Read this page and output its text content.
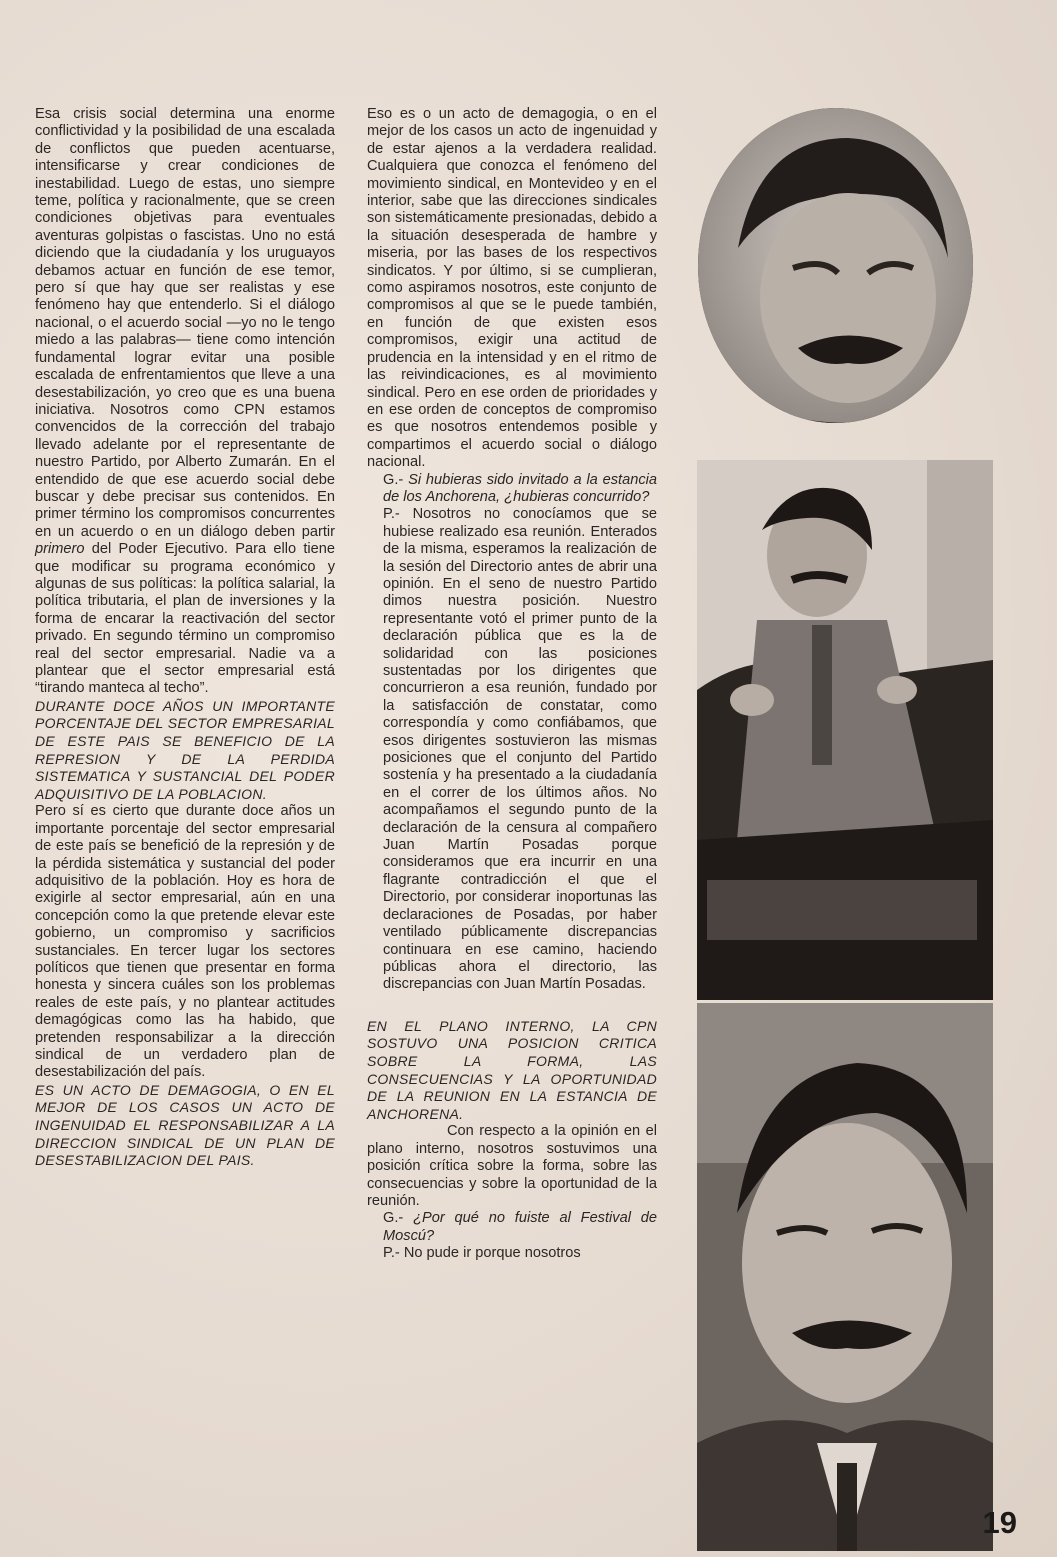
Esa crisis social determina una enorme conflictividad y la posibilidad de una escalada de conflictos que pueden acentuarse, intensificarse y crear condiciones de inestabilidad. Luego de estas, uno siempre teme, política y racionalmente, que se creen condiciones objetivas para eventuales aventuras golpistas o fascistas. Uno no está diciendo que la ciudadanía y los uruguayos debamos actuar en función de ese temor, pero sí que hay que ser realistas y ese fenómeno hay que entenderlo. Si el diálogo nacional, o el acuerdo social —yo no le tengo miedo a las palabras— tiene como intención fundamental lograr evitar una posible escalada de enfrentamientos que lleve a una desestabilización, yo creo que es una buena iniciativa. Nosotros como CPN estamos convencidos de la corrección del trabajo llevado adelante por el representante de nuestro Partido, por Alberto Zumarán. En el entendido de que ese acuerdo social debe buscar y debe precisar sus contenidos. En primer término los compromisos concurrentes en un acuerdo o en un diálogo deben partir primero del Poder Ejecutivo. Para ello tiene que modificar su programa económico y algunas de sus políticas: la política salarial, la política tributaria, el plan de inversiones y la forma de encarar la reactivación del sector privado. En segundo término un compromiso real del sector empresarial. Nadie va a plantear que el sector empresarial está “tirando manteca al techo”.

DURANTE DOCE AÑOS UN IMPORTANTE PORCENTAJE DEL SECTOR EMPRESARIAL DE ESTE PAIS SE BENEFICIO DE LA REPRESION Y DE LA PERDIDA SISTEMATICA Y SUSTANCIAL DEL PODER ADQUISITIVO DE LA POBLACION.

Pero sí es cierto que durante doce años un importante porcentaje del sector empresarial de este país se benefició de la represión y de la pérdida sistemática y sustancial del poder adquisitivo de la población. Hoy es hora de exigirle al sector empresarial, aún en una concepción como la que pretende elevar este gobierno, un compromiso y sacrificios sustanciales. En tercer lugar los sectores políticos que tienen que presentar en forma honesta y sincera cuáles son los problemas reales de este país, y no plantear actitudes demagógicas como las ha habido, que pretenden responsabilizar a la dirección sindical de un verdadero plan de desestabilización del país.

ES UN ACTO DE DEMAGOGIA, O EN EL MEJOR DE LOS CASOS UN ACTO DE INGENUIDAD EL RESPONSABILIZAR A LA DIRECCION SINDICAL DE UN PLAN DE DESESTABILIZACION DEL PAIS.

Eso es o un acto de demagogia, o en el mejor de los casos un acto de ingenuidad y de estar ajenos a la verdadera realidad. Cualquiera que conozca el fenómeno del movimiento sindical, en Montevideo y en el interior, sabe que las direcciones sindicales son sistemáticamente presionadas, debido a la situación desesperada de hambre y miseria, por las bases de los respectivos sindicatos. Y por último, si se cumplieran, como aspiramos nosotros, este conjunto de compromisos al que se le puede también, en función de que existen esos compromisos, exigir una actitud de prudencia en la intensidad y en el ritmo de las reivindicaciones, es al movimiento sindical. Pero en ese orden de prioridades y en ese orden de conceptos de compromiso es que nosotros entendemos posible y compartimos el acuerdo social o diálogo nacional.

G.- Si hubieras sido invitado a la estancia de los Anchorena, ¿hubieras concurrido?

P.- Nosotros no conocíamos que se hubiese realizado esa reunión. Enterados de la misma, esperamos la realización de la sesión del Directorio antes de abrir una opinión. En el seno de nuestro Partido dimos nuestra posición. Nuestro representante votó el primer punto de la declaración pública que es la de solidaridad con las posiciones sustentadas por los dirigentes que concurrieron a esa reunión, fundado por la satisfacción de constatar, como correspondía y como confiábamos, que esos dirigentes sostuvieron las mismas posiciones que el conjunto del Partido sostenía y ha presentado a la ciudadanía en el correr de los últimos años. No acompañamos el segundo punto de la declaración de la censura al compañero Juan Martín Posadas porque consideramos que era incurrir en una flagrante contradicción el que el Directorio, por considerar inoportunas las declaraciones de Posadas, por haber ventilado públicamente discrepancias continuara en ese camino, haciendo públicas ahora el directorio, las discrepancias con Juan Martín Posadas.

EN EL PLANO INTERNO, LA CPN SOSTUVO UNA POSICION CRITICA SOBRE LA FORMA, LAS CONSECUENCIAS Y LA OPORTUNIDAD DE LA REUNION EN LA ESTANCIA DE ANCHORENA.

Con respecto a la opinión en el plano interno, nosotros sostuvimos una posición crítica sobre la forma, sobre las consecuencias y sobre la oportunidad de la reunión.

G.- ¿Por qué no fuiste al Festival de Moscú?

P.- No pude ir porque nosotros

19
